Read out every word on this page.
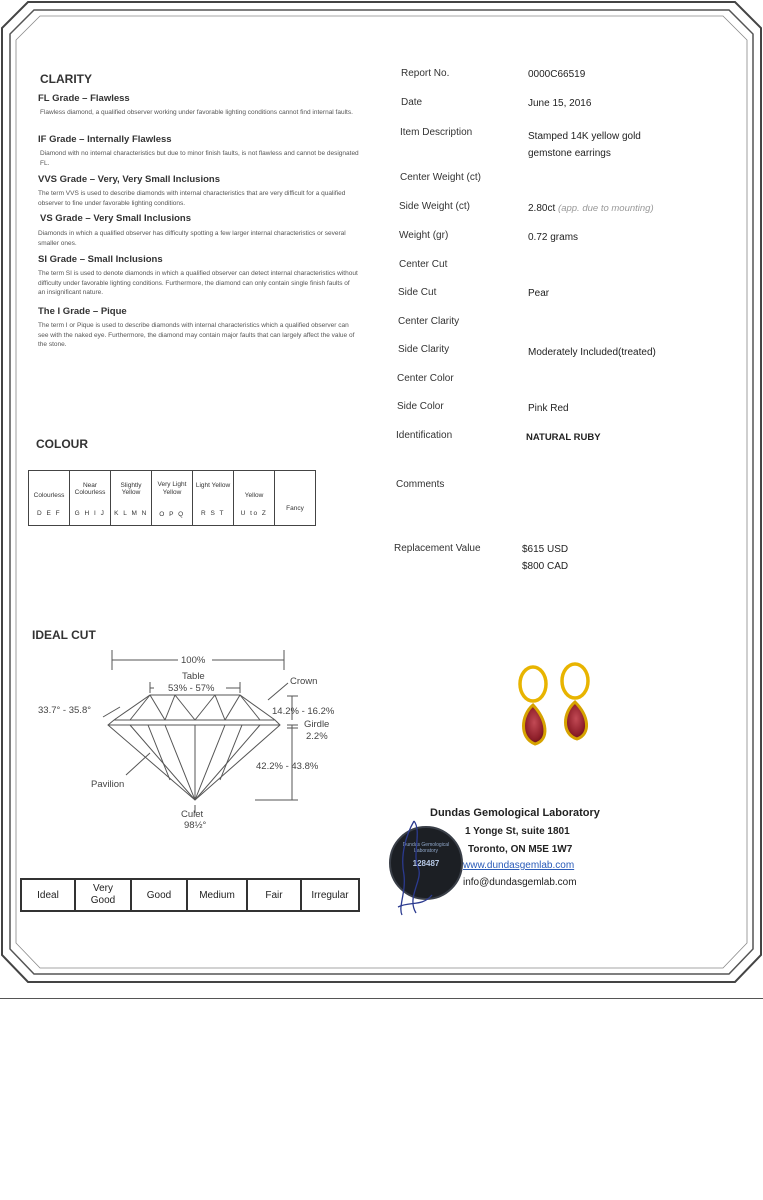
CLARITY
FL Grade – Flawless
Flawless diamond, a qualified observer working under favorable lighting conditions cannot find internal faults.
IF Grade – Internally Flawless
Diamond with no internal characteristics but due to minor finish faults, is not flawless and cannot be designated FL.
VVS Grade – Very, Very Small Inclusions
The term VVS is used to describe diamonds with internal characteristics that are very difficult for a qualified observer to fine under favorable lighting conditions.
VS Grade – Very Small Inclusions
Diamonds in which a qualified observer has difficulty spotting a few larger internal characteristics or several smaller ones.
SI Grade – Small Inclusions
The term SI is used to denote diamonds in which a qualified observer can detect internal characteristics without difficulty under favorable lighting conditions. Furthermore, the diamond can only contain single finish faults of an insignificant nature.
The I Grade – Pique
The term I or Pique is used to describe diamonds with internal characteristics which a qualified observer can see with the naked eye. Furthermore, the diamond may contain major faults that can largely affect the value of the stone.
COLOUR
Colourless
D E F

Near Colourless
G H I J

Slightly Yellow
K L M N

Very Light Yellow
O P Q

Light Yellow
R S T

Yellow
U to Z

Fancy
IDEAL CUT
100%
Table
53% - 57%
Crown
33.7° - 35.8°	14.2% - 16.2%
Girdle
2.2%
42.2% - 43.8%
Pavilion
Culet
98½°
Ideal	Very Good	Good	Medium	Fair	Irregular
Report No.	0000C66519
Date	June 15, 2016
Item Description	Stamped 14K yellow gold gemstone earrings
Center Weight (ct)
Side Weight (ct)	2.80ct (app. due to mounting)
Weight (gr)	0.72 grams
Center Cut
Side Cut	Pear
Center Clarity
Side Clarity	Moderately Included(treated)
Center Color
Side Color	Pink Red
Identification	NATURAL RUBY
Comments
Replacement Value	$615 USD
$800 CAD
Dundas Gemological Laboratory
1 Yonge St, suite 1801
Toronto, ON M5E 1W7
www.dundasgemlab.com
info@dundasgemlab.com
Dundas Gemological Laboratory
128487
